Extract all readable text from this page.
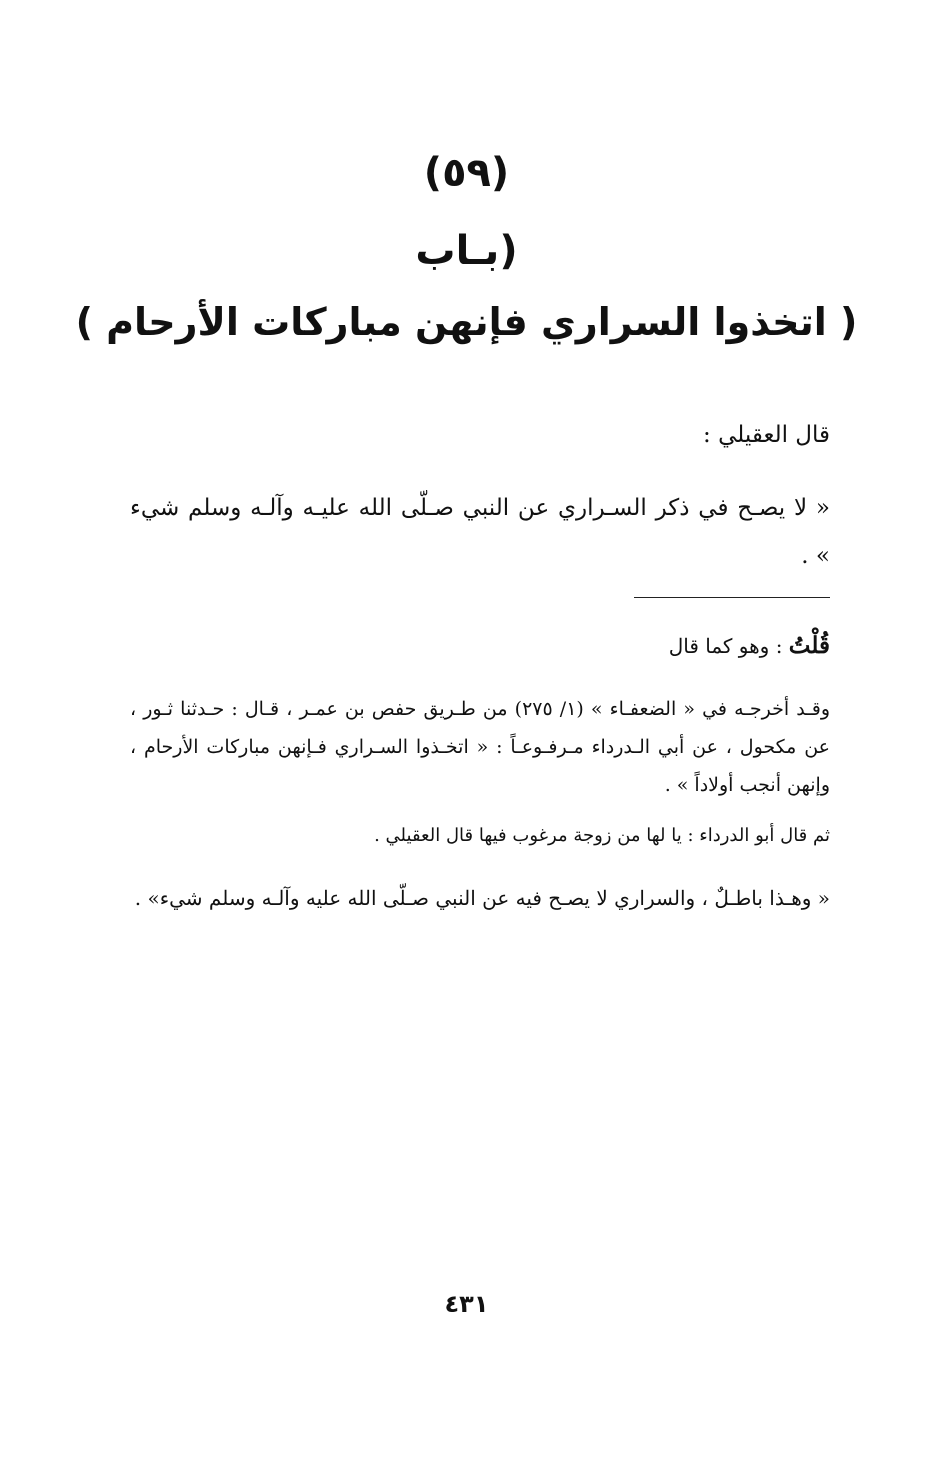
(٥٩)
(بـاب
( اتخذوا السراري فإنهن مباركات الأرحام )
قال العقيلي :
« لا يصـح في ذكر السـراري عن النبي صـلّى الله عليـه وآلـه وسلم شيء » .
قُلْتُ : وهو كما قال
وقـد أخرجـه في « الضعفـاء » (١/ ٢٧٥) من طـريق حفص بن عمـر ، قـال : حـدثنا ثـور ، عن مكحول ، عن أبي الـدرداء مـرفـوعـاً : « اتخـذوا السـراري فـإنهن مباركات الأرحام ، وإنهن أنجب أولاداً » .
ثم قال أبو الدرداء : يا لها من زوجة مرغوب فيها قال العقيلي .
« وهـذا باطـلٌ ، والسراري لا يصـح فيه عن النبي صـلّى الله عليه وآلـه وسلم شيء» .
٤٣١
